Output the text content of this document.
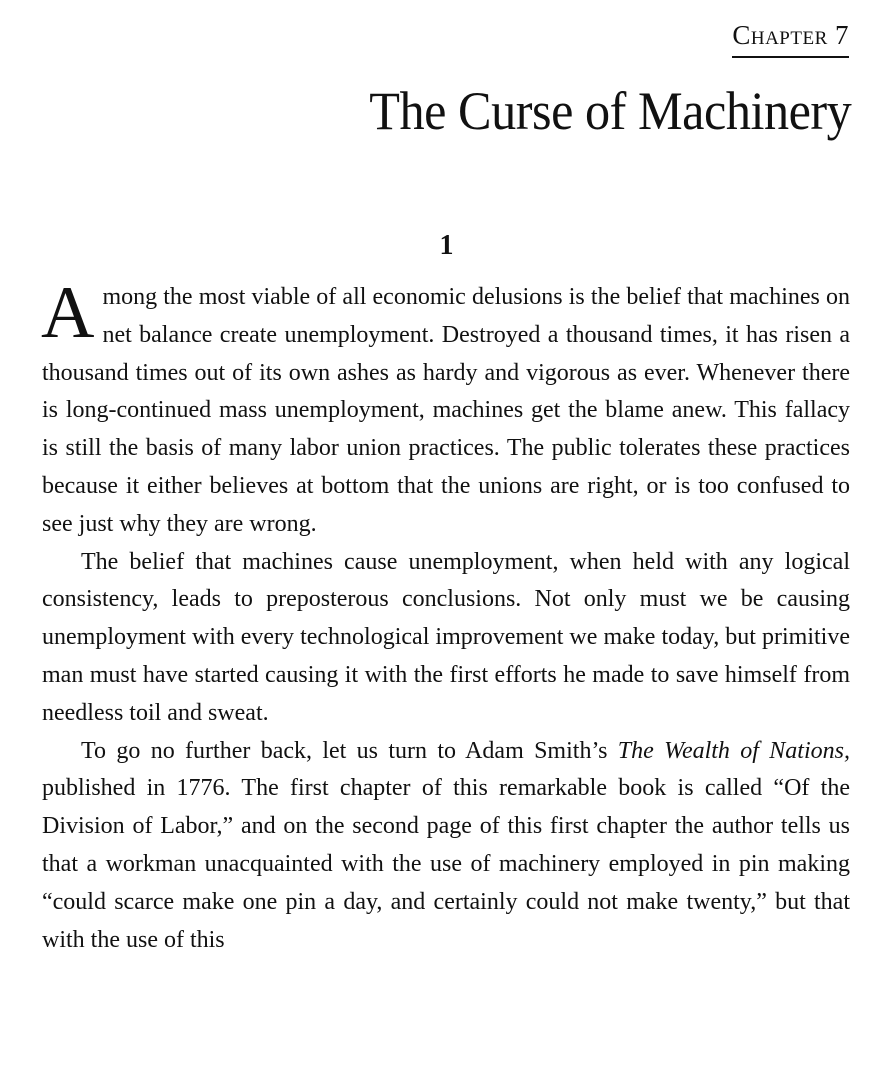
Chapter 7
The Curse of Machinery
1

Among the most viable of all economic delusions is the belief that machines on net balance create unemployment. Destroyed a thousand times, it has risen a thousand times out of its own ashes as hardy and vigorous as ever. Whenever there is long-continued mass unemployment, machines get the blame anew. This fallacy is still the basis of many labor union practices. The public tolerates these practices because it either believes at bottom that the unions are right, or is too confused to see just why they are wrong.

The belief that machines cause unemployment, when held with any logical consistency, leads to preposterous conclusions. Not only must we be causing unemployment with every technological improvement we make today, but primitive man must have started causing it with the first efforts he made to save himself from needless toil and sweat.

To go no further back, let us turn to Adam Smith’s The Wealth of Nations, published in 1776. The first chapter of this remarkable book is called “Of the Division of Labor,” and on the second page of this first chapter the author tells us that a workman unacquainted with the use of machinery employed in pin making “could scarce make one pin a day, and certainly could not make twenty,” but that with the use of this
